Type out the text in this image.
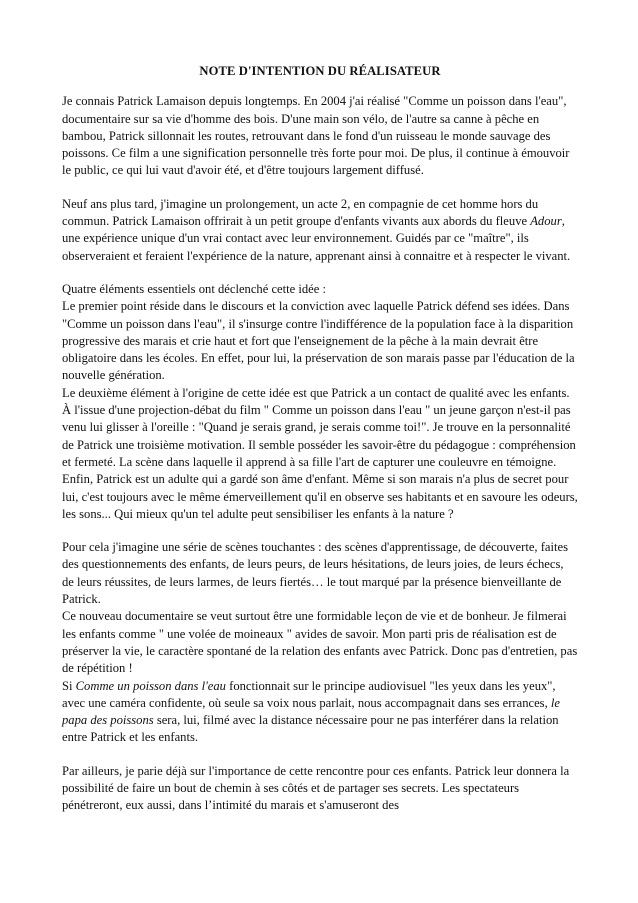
NOTE D'INTENTION DU RÉALISATEUR

Je connais Patrick Lamaison depuis longtemps. En 2004 j'ai réalisé "Comme un poisson dans l'eau", documentaire sur sa vie d'homme des bois. D'une main son vélo, de l'autre sa canne à pêche en bambou, Patrick sillonnait les routes, retrouvant dans le fond d'un ruisseau le monde sauvage des poissons. Ce film a une signification personnelle très forte pour moi. De plus, il continue à émouvoir le public, ce qui lui vaut d'avoir été, et d'être toujours largement diffusé.

Neuf ans plus tard, j'imagine un prolongement, un acte 2, en compagnie de cet homme hors du commun. Patrick Lamaison offrirait à un petit groupe d'enfants vivants aux abords du fleuve Adour, une expérience unique d'un vrai contact avec leur environnement. Guidés par ce "maître", ils observeraient et feraient l'expérience de la nature, apprenant ainsi à connaitre et à respecter le vivant.

Quatre éléments essentiels ont déclenché cette idée :
Le premier point réside dans le discours et la conviction avec laquelle Patrick défend ses idées. Dans "Comme un poisson dans l'eau", il s'insurge contre l'indifférence de la population face à la disparition progressive des marais et crie haut et fort que l'enseignement de la pêche à la main devrait être obligatoire dans les écoles. En effet, pour lui, la préservation de son marais passe par l'éducation de la nouvelle génération.
Le deuxième élément à l'origine de cette idée est que Patrick a un contact de qualité avec les enfants. À l'issue d'une projection-débat du film " Comme un poisson dans l'eau " un jeune garçon n'est-il pas venu lui glisser à l'oreille : "Quand je serais grand, je serais comme toi!". Je trouve en la personnalité de Patrick une troisième motivation. Il semble posséder les savoir-être du pédagogue : compréhension et fermeté. La scène dans laquelle il apprend à sa fille l'art de capturer une couleuvre en témoigne.
Enfin, Patrick est un adulte qui a gardé son âme d'enfant. Même si son marais n'a plus de secret pour lui, c'est toujours avec le même émerveillement qu'il en observe ses habitants et en savoure les odeurs, les sons... Qui mieux qu'un tel adulte peut sensibiliser les enfants à la nature ?

Pour cela j'imagine une série de scènes touchantes : des scènes d'apprentissage, de découverte, faites des questionnements des enfants, de leurs peurs, de leurs hésitations, de leurs joies, de leurs échecs, de leurs réussites, de leurs larmes, de leurs fiertés… le tout marqué par la présence bienveillante de Patrick.
Ce nouveau documentaire se veut surtout être une formidable leçon de vie et de bonheur. Je filmerai les enfants comme " une volée de moineaux " avides de savoir. Mon parti pris de réalisation est de préserver la vie, le caractère spontané de la relation des enfants avec Patrick. Donc pas d'entretien, pas de répétition !
Si Comme un poisson dans l'eau fonctionnait sur le principe audiovisuel "les yeux dans les yeux", avec une caméra confidente, où seule sa voix nous parlait, nous accompagnait dans ses errances, le papa des poissons sera, lui, filmé avec la distance nécessaire pour ne pas interférer dans la relation entre Patrick et les enfants.

Par ailleurs, je parie déjà sur l'importance de cette rencontre pour ces enfants. Patrick leur donnera la possibilité de faire un bout de chemin à ses côtés et de partager ses secrets. Les spectateurs pénétreront, eux aussi, dans l’intimité du marais et s'amuseront des
